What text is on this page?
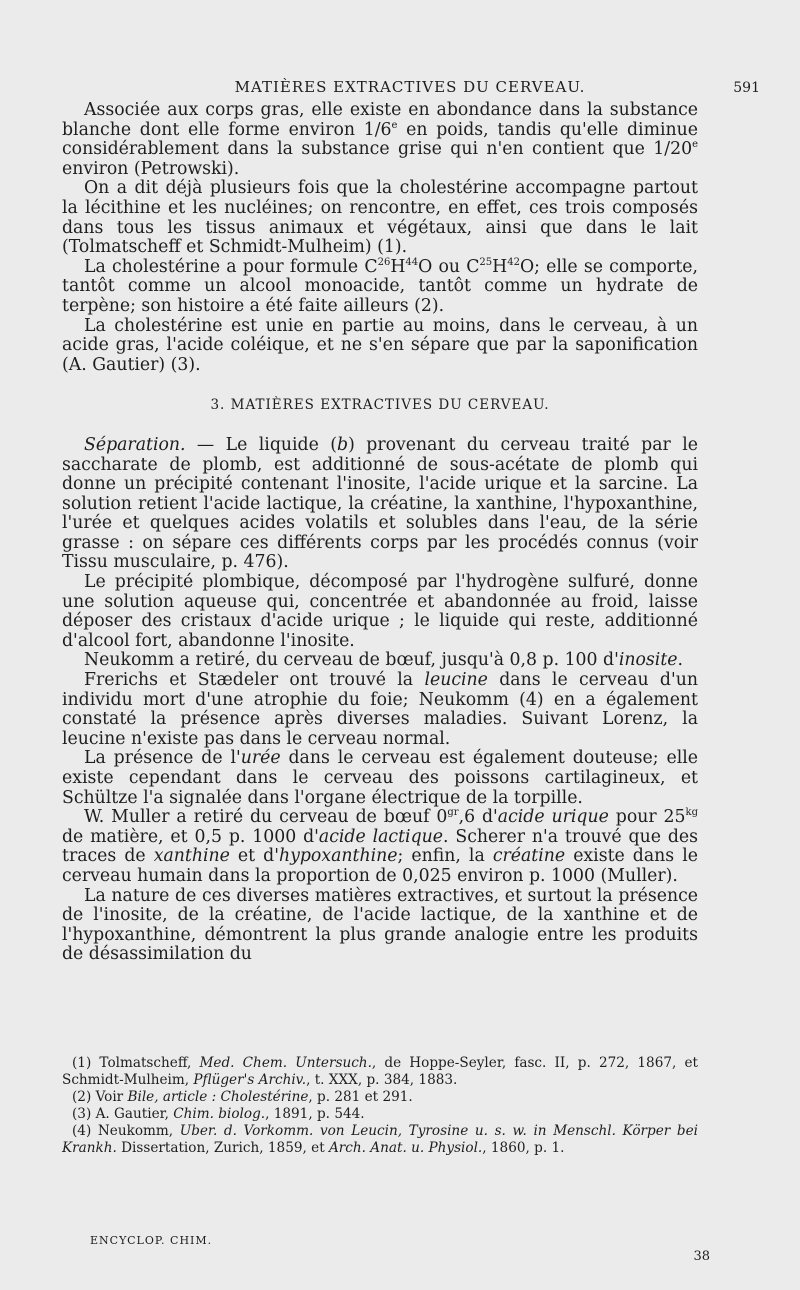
MATIÈRES EXTRACTIVES DU CERVEAU.	591

Associée aux corps gras, elle existe en abondance dans la substance blanche dont elle forme environ 1/6e en poids, tandis qu'elle diminue considérablement dans la substance grise qui n'en contient que 1/20e environ (Petrowski).

On a dit déjà plusieurs fois que la cholestérine accompagne partout la lécithine et les nucléines; on rencontre, en effet, ces trois composés dans tous les tissus animaux et végétaux, ainsi que dans le lait (Tolmatscheff et Schmidt-Mulheim) (1).

La cholestérine a pour formule $C^{26}H^{44}O$ ou $C^{25}H^{42}O$; elle se comporte, tantôt comme un alcool monoacide, tantôt comme un hydrate de terpène; son histoire a été faite ailleurs (2).

La cholestérine est unie en partie au moins, dans le cerveau, à un acide gras, l'acide coléique, et ne s'en sépare que par la saponification (A. Gautier) (3).

3. MATIÈRES EXTRACTIVES DU CERVEAU.

Séparation. — Le liquide (b) provenant du cerveau traité par le saccharate de plomb, est additionné de sous-acétate de plomb qui donne un précipité contenant l'inosite, l'acide urique et la sarcine. La solution retient l'acide lactique, la créatine, la xanthine, l'hypoxanthine, l'urée et quelques acides volatils et solubles dans l'eau, de la série grasse : on sépare ces différents corps par les procédés connus (voir Tissu musculaire, p. 476).

Le précipité plombique, décomposé par l'hydrogène sulfuré, donne une solution aqueuse qui, concentrée et abandonnée au froid, laisse déposer des cristaux d'acide urique ; le liquide qui reste, additionné d'alcool fort, abandonne l'inosite.

Neukomm a retiré, du cerveau de bœuf, jusqu'à 0,8 p. 100 d'inosite.

Frerichs et Stædeler ont trouvé la leucine dans le cerveau d'un individu mort d'une atrophie du foie; Neukomm (4) en a également constaté la présence après diverses maladies. Suivant Lorenz, la leucine n'existe pas dans le cerveau normal.

La présence de l'urée dans le cerveau est également douteuse; elle existe cependant dans le cerveau des poissons cartilagineux, et Schültze l'a signalée dans l'organe électrique de la torpille.

W. Muller a retiré du cerveau de bœuf $0^{gr},6$ d'acide urique pour $25^{kg}$ de matière, et 0,5 p. 1000 d'acide lactique. Scherer n'a trouvé que des traces de xanthine et d'hypoxanthine; enfin, la créatine existe dans le cerveau humain dans la proportion de 0,025 environ p. 1000 (Muller).

La nature de ces diverses matières extractives, et surtout la présence de l'inosite, de la créatine, de l'acide lactique, de la xanthine et de l'hypoxanthine, démontrent la plus grande analogie entre les produits de désassimilation du

(1) Tolmatscheff, Med. Chem. Untersuch., de Hoppe-Seyler, fasc. II, p. 272, 1867, et Schmidt-Mulheim, Pflüger's Archiv., t. XXX, p. 384, 1883.

(2) Voir Bile, article : Cholestérine, p. 281 et 291.

(3) A. Gautier, Chim. biolog., 1891, p. 544.

(4) Neukomm, Uber. d. Vorkomm. von Leucin, Tyrosine u. s. w. in Menschl. Körper bei Krankh. Dissertation, Zurich, 1859, et Arch. Anat. u. Physiol., 1860, p. 1.

ENCYCLOP. CHIM.
38
